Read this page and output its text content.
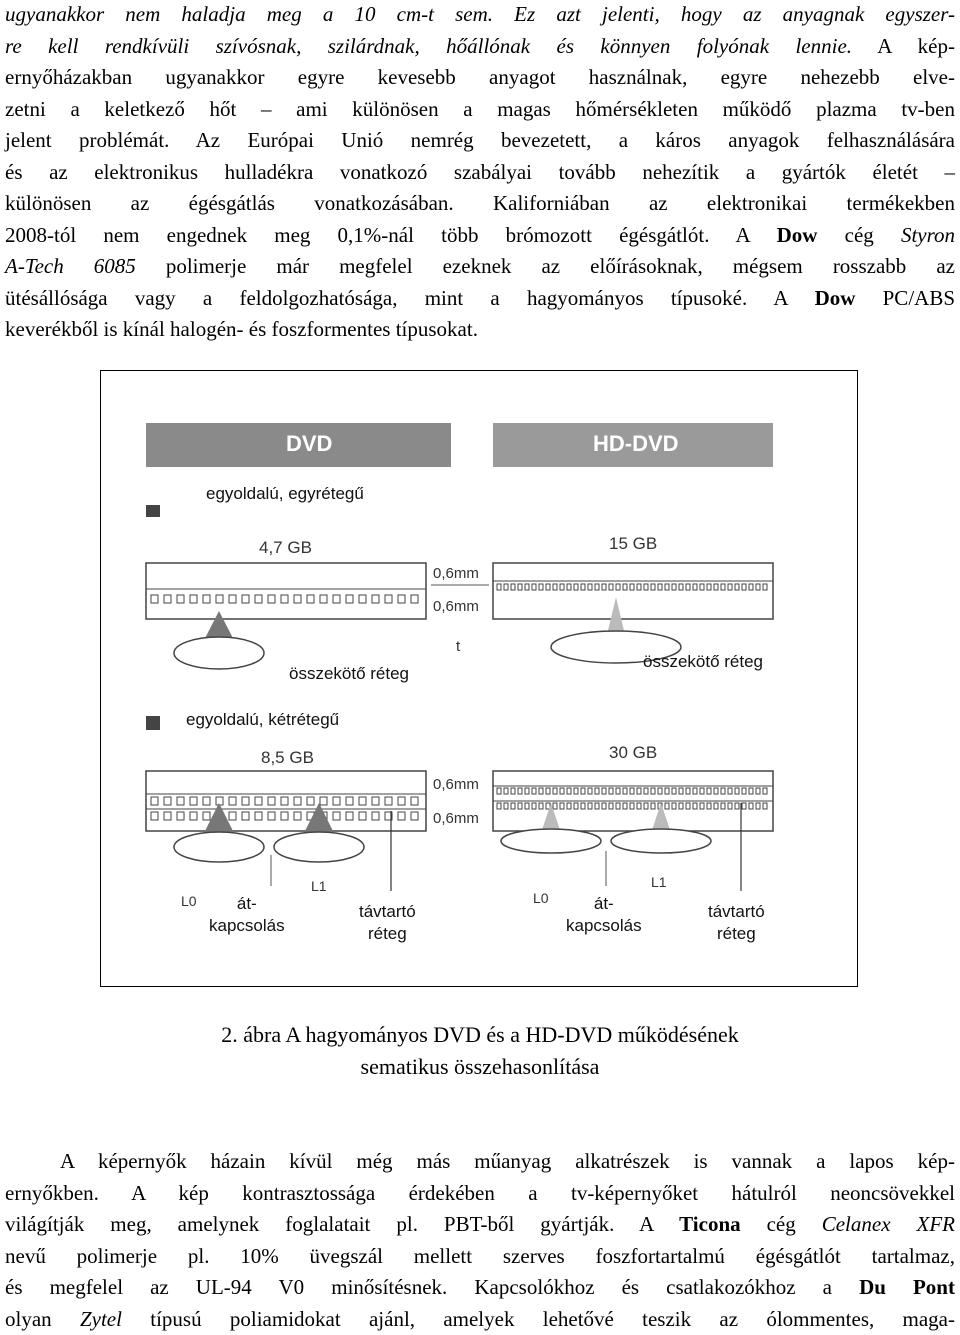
ugyanakkor nem haladja meg a 10 cm-t sem. Ez azt jelenti, hogy az anyagnak egyszer-
re kell rendkívüli szívósnak, szilárdnak, hőállónak és könnyen folyónak lennie. A kép-
ernyőházakban ugyanakkor egyre kevesebb anyagot használnak, egyre nehezebb elve-
zetni a keletkező hőt – ami különösen a magas hőmérsékleten működő plazma tv-ben
jelent problémát. Az Európai Unió nemrég bevezetett, a káros anyagok felhasználására
és az elektronikus hulladékra vonatkozó szabályai tovább nehezítik a gyártók életét –
különösen az égésgátlás vonatkozásában. Kaliforniában az elektronikai termékekben
2008-tól nem engednek meg 0,1%-nál több brómozott égésgátlót. A Dow cég Styron
A-Tech 6085 polimerje már megfelel ezeknek az előírásoknak, mégsem rosszabb az
ütésállósága vagy a feldolgozhatósága, mint a hagyományos típusoké. A Dow PC/ABS
keverékből is kínál halogén- és foszformentes típusokat.
DVD	HD-DVD
4,7 GB	15 GB
8,5 GB	30 GB
0,6mm
0,6mm
t
0,6mm
0,6mm
L0
L1
L0
L1
egyoldalú, egyrétegű
összekötő réteg
összekötő réteg
egyoldalú, kétrétegű
át-
kapcsolás
távtartó
réteg
át-
kapcsolás
távtartó
réteg
2. ábra A hagyományos DVD és a HD-DVD működésének
sematikus összehasonlítása
A képernyők házain kívül még más műanyag alkatrészek is vannak a lapos kép-
ernyőkben. A kép kontrasztossága érdekében a tv-képernyőket hátulról neoncsövekkel
világítják meg, amelynek foglalatait pl. PBT-ből gyártják. A Ticona cég Celanex XFR
nevű polimerje pl. 10% üvegszál mellett szerves foszfortartalmú égésgátlót tartalmaz,
és megfelel az UL-94 V0 minősítésnek. Kapcsolókhoz és csatlakozókhoz a Du Pont
olyan Zytel típusú poliamidokat ajánl, amelyek lehetővé teszik az ólommentes, maga-
